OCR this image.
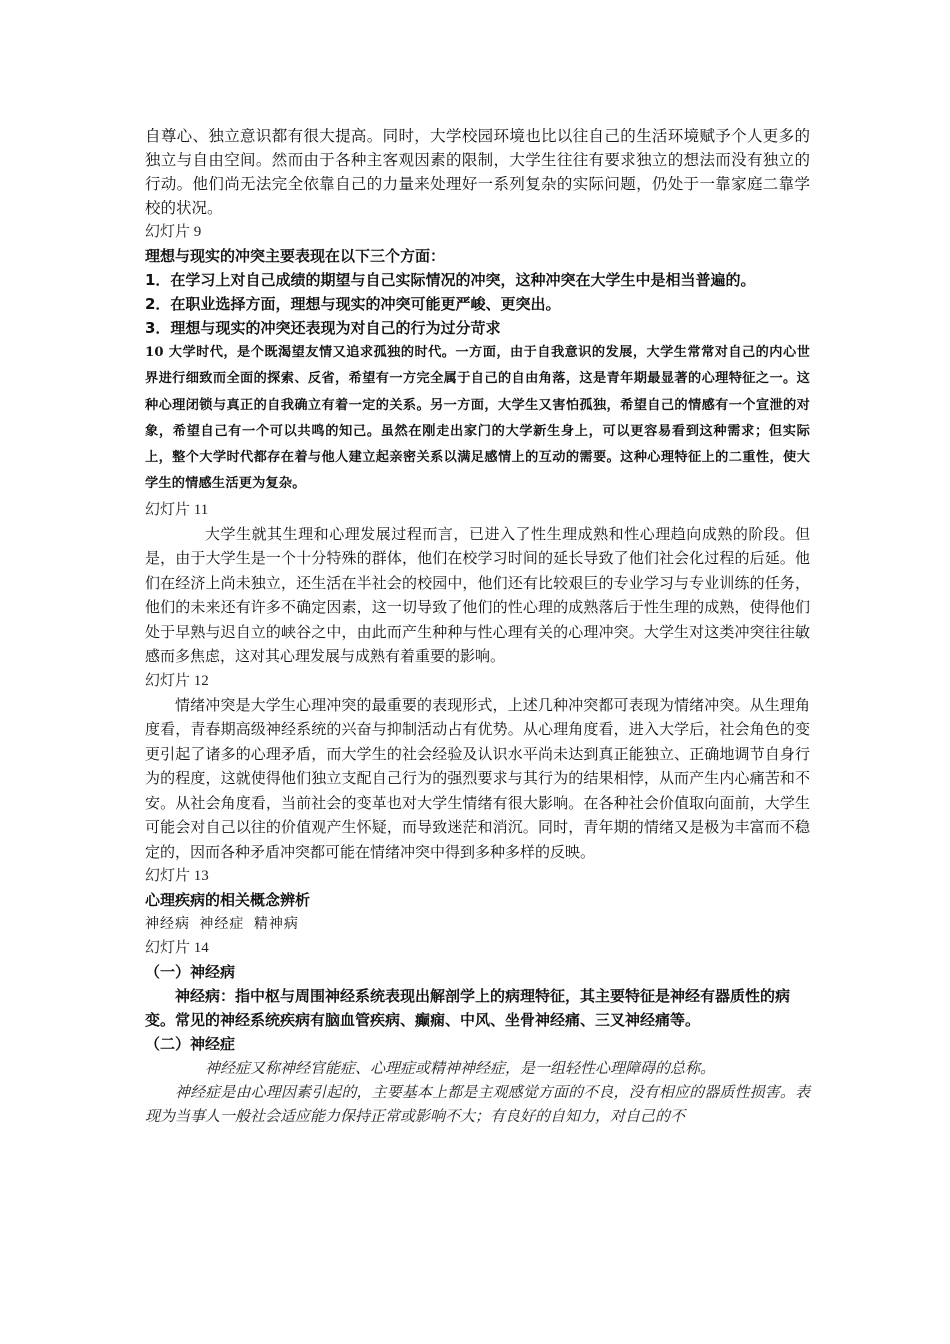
自尊心、独立意识都有很大提高。同时，大学校园环境也比以往自己的生活环境赋予个人更多的独立与自由空间。然而由于各种主客观因素的限制，大学生往往有要求独立的想法而没有独立的行动。他们尚无法完全依靠自己的力量来处理好一系列复杂的实际问题，仍处于一靠家庭二靠学校的状况。

幻灯片 9

理想与现实的冲突主要表现在以下三个方面：

1．在学习上对自己成绩的期望与自己实际情况的冲突，这种冲突在大学生中是相当普遍的。

2．在职业选择方面，理想与现实的冲突可能更严峻、更突出。

3．理想与现实的冲突还表现为对自己的行为过分苛求

10 大学时代，是个既渴望友情又追求孤独的时代。一方面，由于自我意识的发展，大学生常常对自己的内心世界进行细致而全面的探索、反省，希望有一方完全属于自己的自由角落，这是青年期最显著的心理特征之一。这种心理闭锁与真正的自我确立有着一定的关系。另一方面，大学生又害怕孤独，希望自己的情感有一个宣泄的对象，希望自己有一个可以共鸣的知己。虽然在刚走出家门的大学新生身上，可以更容易看到这种需求；但实际上，整个大学时代都存在着与他人建立起亲密关系以满足感情上的互动的需要。这种心理特征上的二重性，使大学生的情感生活更为复杂。

幻灯片 11

大学生就其生理和心理发展过程而言，已进入了性生理成熟和性心理趋向成熟的阶段。但是，由于大学生是一个十分特殊的群体，他们在校学习时间的延长导致了他们社会化过程的后延。他们在经济上尚未独立，还生活在半社会的校园中，他们还有比较艰巨的专业学习与专业训练的任务，他们的未来还有许多不确定因素，这一切导致了他们的性心理的成熟落后于性生理的成熟，使得他们处于早熟与迟自立的峡谷之中，由此而产生种种与性心理有关的心理冲突。大学生对这类冲突往往敏感而多焦虑，这对其心理发展与成熟有着重要的影响。

幻灯片 12

情绪冲突是大学生心理冲突的最重要的表现形式，上述几种冲突都可表现为情绪冲突。从生理角度看，青春期高级神经系统的兴奋与抑制活动占有优势。从心理角度看，进入大学后，社会角色的变更引起了诸多的心理矛盾，而大学生的社会经验及认识水平尚未达到真正能独立、正确地调节自身行为的程度，这就使得他们独立支配自己行为的强烈要求与其行为的结果相悖，从而产生内心痛苦和不安。从社会角度看，当前社会的变革也对大学生情绪有很大影响。在各种社会价值取向面前，大学生可能会对自己以往的价值观产生怀疑，而导致迷茫和消沉。同时，青年期的情绪又是极为丰富而不稳定的，因而各种矛盾冲突都可能在情绪冲突中得到多种多样的反映。

幻灯片 13

心理疾病的相关概念辨析

神经病 神经症 精神病

幻灯片 14

（一）神经病

神经病：指中枢与周围神经系统表现出解剖学上的病理特征，其主要特征是神经有器质性的病变。常见的神经系统疾病有脑血管疾病、癫痫、中风、坐骨神经痛、三叉神经痛等。

（二）神经症

神经症又称神经官能症、心理症或精神神经症，是一组轻性心理障碍的总称。

神经症是由心理因素引起的，主要基本上都是主观感觉方面的不良，没有相应的器质性损害。表现为当事人一般社会适应能力保持正常或影响不大；有良好的自知力，对自己的不
